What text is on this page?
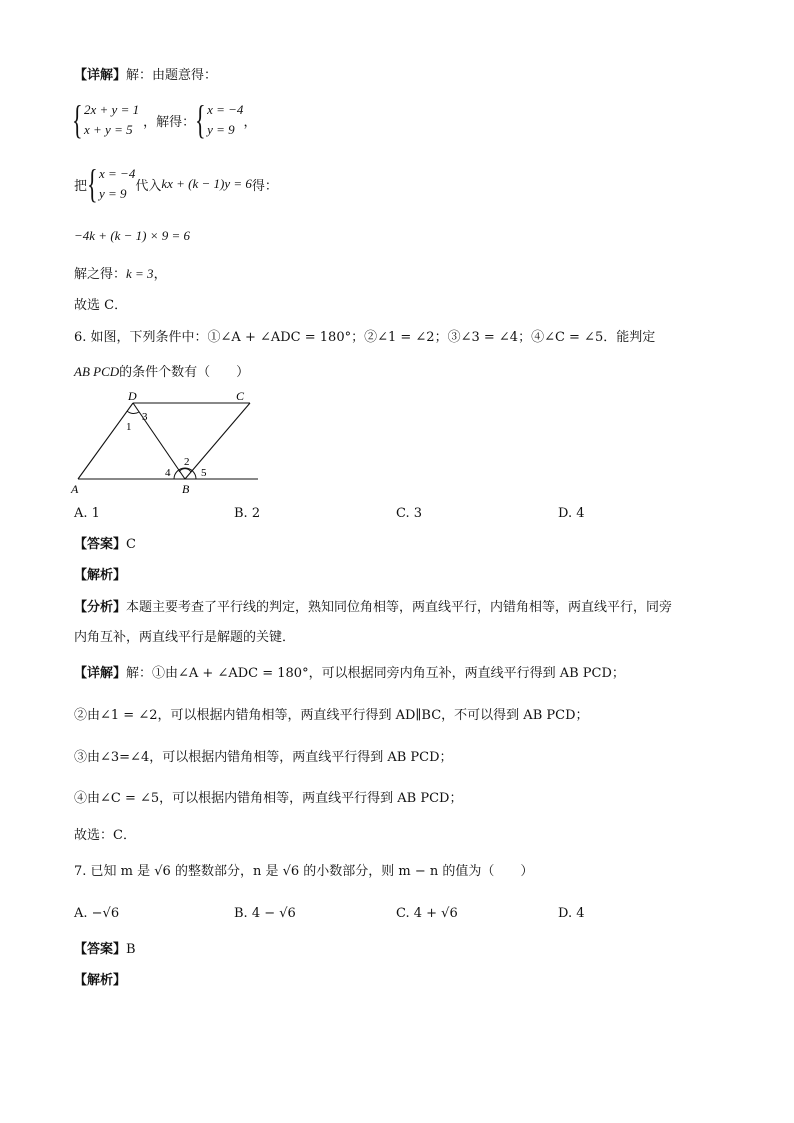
【详解】解：由题意得：
{ 2x + y = 1
x + y = 5 ，解得： { x = −4
y = 9 ，
把 { x = −4
y = 9 代入 kx + (k − 1)y = 6 得：
−4k + (k − 1) × 9 = 6
解之得：k = 3，
故选 C．
6. 如图，下列条件中：①∠A + ∠ADC = 180°；②∠1 = ∠2；③∠3 = ∠4；④∠C = ∠5．能判定
AB PCD的条件个数有（　　）
D	C
A	B
1
2
3
4	5
A. 1	B. 2	C. 3	D. 4
【答案】C
【解析】
【分析】本题主要考查了平行线的判定，熟知同位角相等，两直线平行，内错角相等，两直线平行，同旁
内角互补，两直线平行是解题的关键．
【详解】解：①由∠A + ∠ADC = 180°，可以根据同旁内角互补，两直线平行得到 AB PCD；
②由∠1 = ∠2，可以根据内错角相等，两直线平行得到 AD∥BC，不可以得到 AB PCD；
③由∠3=∠4，可以根据内错角相等，两直线平行得到 AB PCD；
④由∠C = ∠5，可以根据内错角相等，两直线平行得到 AB PCD；
故选：C．
7. 已知 m 是 √6 的整数部分，n 是 √6 的小数部分，则 m − n 的值为（　　）
A. −√6	B. 4 − √6	C. 4 + √6	D. 4
【答案】B
【解析】
